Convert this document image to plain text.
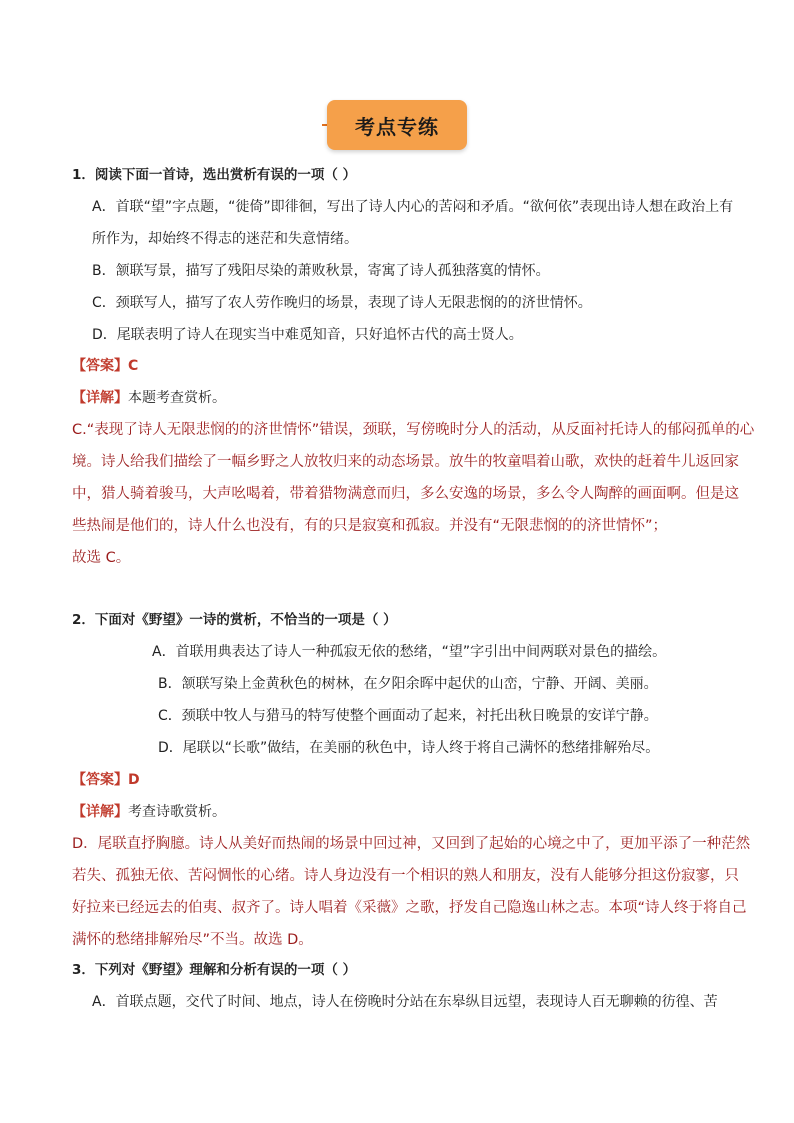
考点专练
1．阅读下面一首诗，选出赏析有误的一项（ ）
A．首联“望”字点题，“徙倚”即徘徊，写出了诗人内心的苦闷和矛盾。“欲何依”表现出诗人想在政治上有
所作为，却始终不得志的迷茫和失意情绪。
B．颔联写景，描写了残阳尽染的萧败秋景，寄寓了诗人孤独落寞的情怀。
C．颈联写人，描写了农人劳作晚归的场景，表现了诗人无限悲悯的的济世情怀。
D．尾联表明了诗人在现实当中难觅知音，只好追怀古代的高士贤人。
【答案】C
【详解】本题考查赏析。
C.“表现了诗人无限悲悯的的济世情怀”错误，颈联，写傍晚时分人的活动，从反面衬托诗人的郁闷孤单的心
境。诗人给我们描绘了一幅乡野之人放牧归来的动态场景。放牛的牧童唱着山歌，欢快的赶着牛儿返回家
中，猎人骑着骏马，大声吆喝着，带着猎物满意而归，多么安逸的场景，多么令人陶醉的画面啊。但是这
些热闹是他们的，诗人什么也没有，有的只是寂寞和孤寂。并没有“无限悲悯的的济世情怀”；
故选 C。
2．下面对《野望》一诗的赏析，不恰当的一项是（ ）
A．首联用典表达了诗人一种孤寂无依的愁绪，“望”字引出中间两联对景色的描绘。
B．颔联写染上金黄秋色的树林，在夕阳余晖中起伏的山峦，宁静、开阔、美丽。
C．颈联中牧人与猎马的特写使整个画面动了起来，衬托出秋日晚景的安详宁静。
D．尾联以“长歌”做结，在美丽的秋色中，诗人终于将自己满怀的愁绪排解殆尽。
【答案】D
【详解】考查诗歌赏析。
D．尾联直抒胸臆。诗人从美好而热闹的场景中回过神，又回到了起始的心境之中了，更加平添了一种茫然
若失、孤独无依、苦闷惆怅的心绪。诗人身边没有一个相识的熟人和朋友，没有人能够分担这份寂寥，只
好拉来已经远去的伯夷、叔齐了。诗人唱着《采薇》之歌，抒发自己隐逸山林之志。本项“诗人终于将自己
满怀的愁绪排解殆尽”不当。故选 D。
3．下列对《野望》理解和分析有误的一项（ ）
A．首联点题，交代了时间、地点，诗人在傍晚时分站在东皋纵目远望，表现诗人百无聊赖的彷徨、苦
